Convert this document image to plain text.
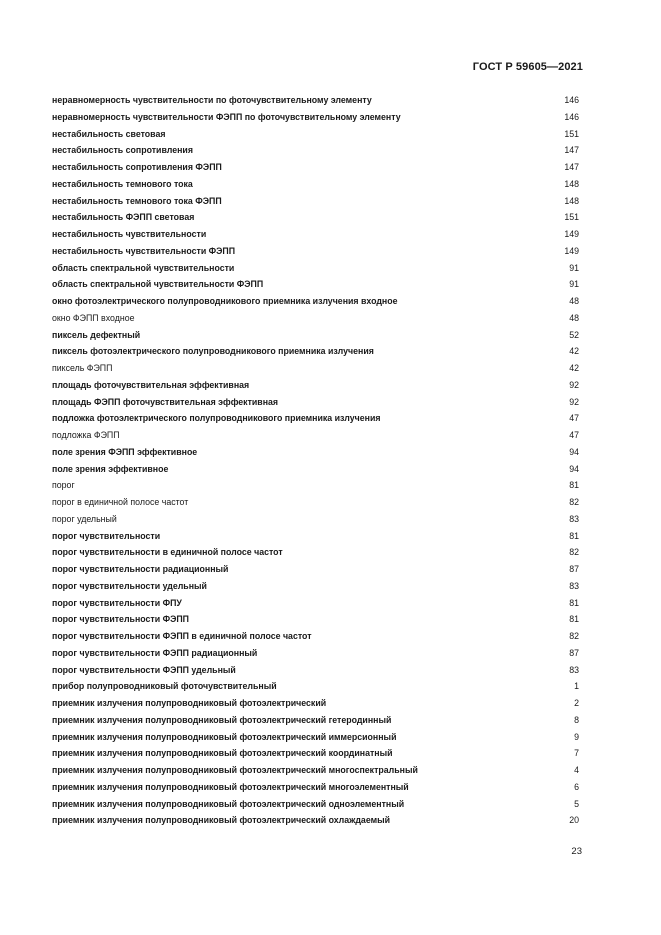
ГОСТ Р 59605—2021
неравномерность чувствительности по фоточувствительному элементу	146
неравномерность чувствительности ФЭПП по фоточувствительному элементу	146
нестабильность световая	151
нестабильность сопротивления	147
нестабильность сопротивления ФЭПП	147
нестабильность темнового тока	148
нестабильность темнового тока ФЭПП	148
нестабильность ФЭПП световая	151
нестабильность чувствительности	149
нестабильность чувствительности ФЭПП	149
область спектральной чувствительности	91
область спектральной чувствительности ФЭПП	91
окно фотоэлектрического полупроводникового приемника излучения входное	48
окно ФЭПП входное	48
пиксель дефектный	52
пиксель фотоэлектрического полупроводникового приемника излучения	42
пиксель ФЭПП	42
площадь фоточувствительная эффективная	92
площадь ФЭПП фоточувствительная эффективная	92
подложка фотоэлектрического полупроводникового приемника излучения	47
подложка ФЭПП	47
поле зрения ФЭПП эффективное	94
поле зрения эффективное	94
порог	81
порог в единичной полосе частот	82
порог удельный	83
порог чувствительности	81
порог чувствительности в единичной полосе частот	82
порог чувствительности радиационный	87
порог чувствительности удельный	83
порог чувствительности ФПУ	81
порог чувствительности ФЭПП	81
порог чувствительности ФЭПП в единичной полосе частот	82
порог чувствительности ФЭПП радиационный	87
порог чувствительности ФЭПП удельный	83
прибор полупроводниковый фоточувствительный	1
приемник излучения полупроводниковый фотоэлектрический	2
приемник излучения полупроводниковый фотоэлектрический гетеродинный	8
приемник излучения полупроводниковый фотоэлектрический иммерсионный	9
приемник излучения полупроводниковый фотоэлектрический координатный	7
приемник излучения полупроводниковый фотоэлектрический многоспектральный	4
приемник излучения полупроводниковый фотоэлектрический многоэлементный	6
приемник излучения полупроводниковый фотоэлектрический одноэлементный	5
приемник излучения полупроводниковый фотоэлектрический охлаждаемый	20
23
